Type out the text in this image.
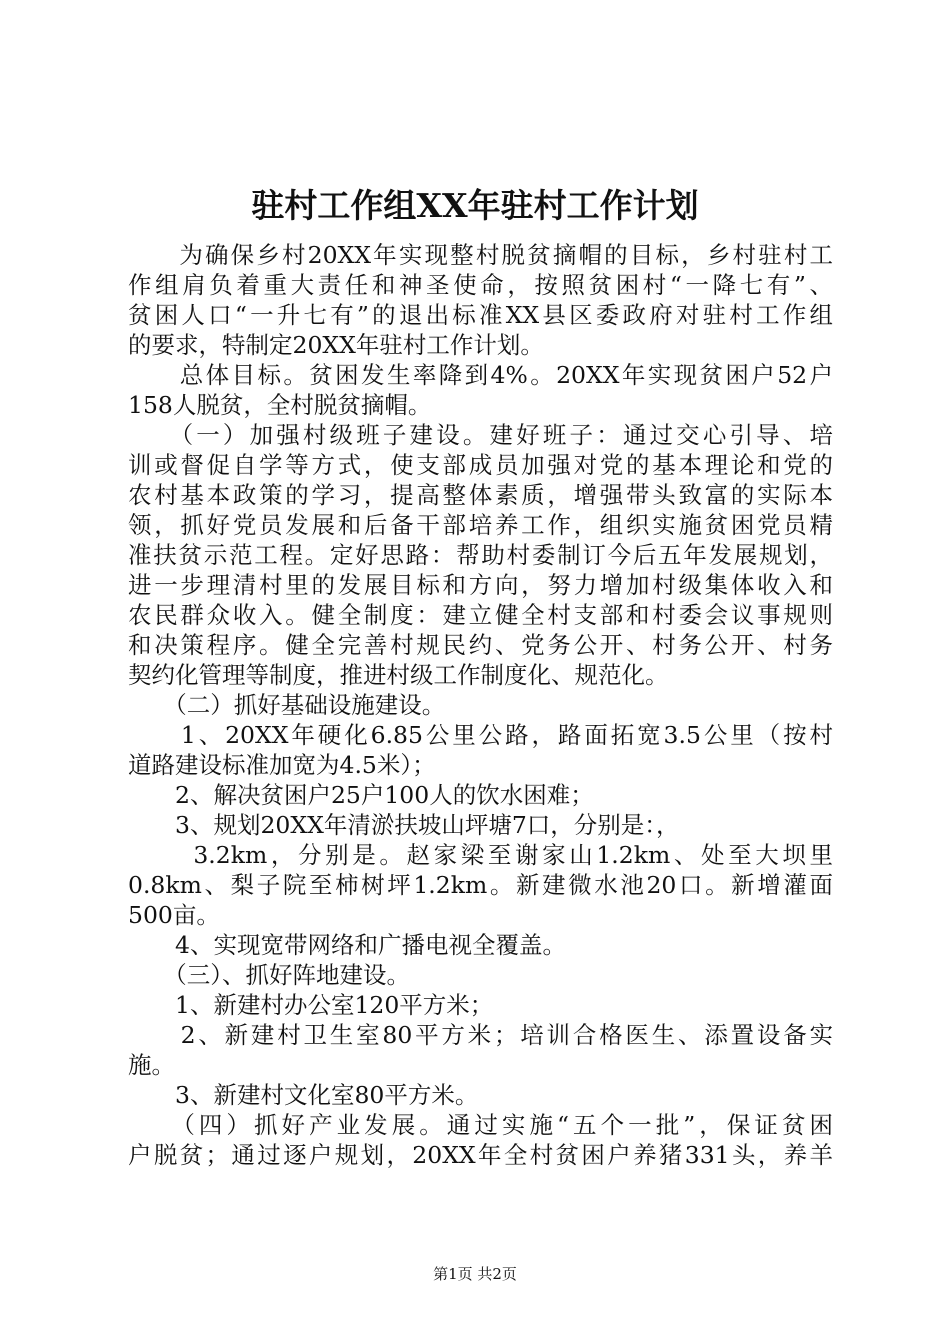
驻村工作组XX年驻村工作计划
　　为确保乡村20XX年实现整村脱贫摘帽的目标，乡村驻村工
作组肩负着重大责任和神圣使命，按照贫困村“一降七有”、
贫困人口“一升七有”的退出标准XX县区委政府对驻村工作组
的要求，特制定20XX年驻村工作计划。
　　总体目标。贫困发生率降到4%。20XX年实现贫困户52户
158人脱贫，全村脱贫摘帽。
　　（一）加强村级班子建设。建好班子：通过交心引导、培
训或督促自学等方式，使支部成员加强对党的基本理论和党的
农村基本政策的学习，提高整体素质，增强带头致富的实际本
领，抓好党员发展和后备干部培养工作，组织实施贫困党员精
准扶贫示范工程。定好思路：帮助村委制订今后五年发展规划，
进一步理清村里的发展目标和方向，努力增加村级集体收入和
农民群众收入。健全制度：建立健全村支部和村委会议事规则
和决策程序。健全完善村规民约、党务公开、村务公开、村务
契约化管理等制度，推进村级工作制度化、规范化。
　　（二）抓好基础设施建设。
　　1、20XX年硬化6.85公里公路，路面拓宽3.5公里（按村
道路建设标准加宽为4.5米）；
　　2、解决贫困户25户100人的饮水困难；
　　3、规划20XX年清淤扶坡山坪塘7口，分别是：，
　　 3.2km，分别是。赵家梁至谢家山1.2km、处至大坝里
0.8km、梨子院至柿树坪1.2km。新建微水池20口。新增灌面
500亩。
　　4、实现宽带网络和广播电视全覆盖。
　　（三）、抓好阵地建设。
　　1、新建村办公室120平方米；
　　2、新建村卫生室80平方米；培训合格医生、添置设备实
施。
　　3、新建村文化室80平方米。
　　（四）抓好产业发展。通过实施“五个一批”，保证贫困
户脱贫；通过逐户规划，20XX年全村贫困户养猪331头，养羊
第1页 共2页
